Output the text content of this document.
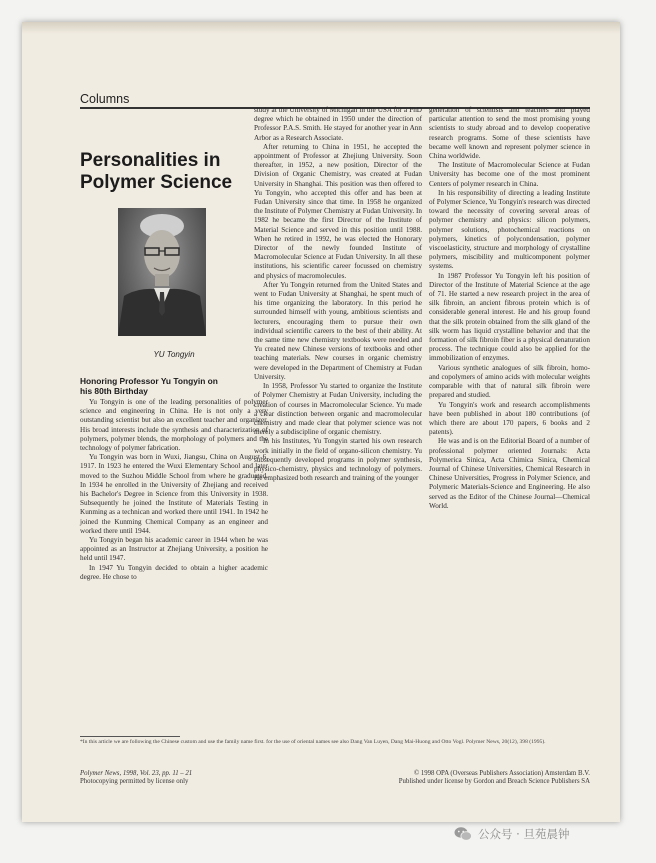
Columns
Personalities in
Polymer Science
YU Tongyin
Honoring Professor Yu Tongyin on
his 80th Birthday

Yu Tongyin is one of the leading personalities of polymer science and engineering in China. He is not only a very outstanding scientist but also an excellent teacher and organizer. His broad interests include the synthesis and characterization of polymers, polymer blends, the morphology of polymers and the technology of polymer fabrication.

Yu Tongyin was born in Wuxi, Jiangsu, China on August 6, 1917. In 1923 he entered the Wuxi Elementary School and later moved to the Suzhou Middle School from where he graduated. In 1934 he enrolled in the University of Zhejiang and received his Bachelor's Degree in Science from this University in 1938. Subsequently he joined the Institute of Materials Testing in Kunming as a technican and worked there until 1941. In 1942 he joined the Kunming Chemical Company as an engineer and worked there until 1944.

Yu Tongyin began his academic career in 1944 when he was appointed as an Instructor at Zhejiang University, a position he held until 1947.

In 1947 Yu Tongyin decided to obtain a higher academic degree. He chose to

study at the University of Michigan in the USA for a PhD degree which he obtained in 1950 under the direction of Professor P.A.S. Smith. He stayed for another year in Ann Arbor as a Research Associate.

After returning to China in 1951, he accepted the appointment of Professor at Zhejiung University. Soon thereafter, in 1952, a new position, Director of the Division of Organic Chemistry, was created at Fudan University in Shanghai. This position was then offered to Yu Tongyin, who accepted this offer and has been at Fudan University since that time. In 1958 he organized the Institute of Polymer Chemistry at Fudan University. In 1982 he became the first Director of the Institute of Material Science and served in this position until 1988. When he retired in 1992, he was elected the Honorary Director of the newly founded Institute of Macromolecular Science at Fudan University. In all these institutions, his scientific career focussed on chemistry and physics of macromolecules.

After Yu Tongyin returned from the United States and went to Fudan University at Shanghai, he spent much of his time organizing the laboratory. In this period he surrounded himself with young, ambitious scientists and lecturers, encouraging them to pursue their own individual scientific careers to the best of their ability. At the same time new chemistry textbooks were needed and Yu created new Chinese versions of textbooks and other teaching materials. New courses in organic chemistry were developed in the Department of Chemistry at Fudan University.

In 1958, Professor Yu started to organize the Institute of Polymer Chemistry at Fudan University, including the creation of courses in Macromolecular Science. Yu made a clear distinction between organic and macromolecular chemistry and made clear that polymer science was not merely a subdiscipline of organic chemistry.

In his Institutes, Yu Tongyin started his own research work initially in the field of organo-silicon chemistry. Yu subsequently developed programs in polymer synthesis, physico-chemistry, physics and technology of polymers. He emphasized both research and training of the younger

generation of scientists and teachers and played particular attention to send the most promising young scientists to study abroad and to develop cooperative research programs. Some of these scientists have became well known and represent polymer science in China worldwide.

The Institute of Macromolecular Science at Fudan University has become one of the most prominent Centers of polymer research in China.

In his responsibility of directing a leading Institute of Polymer Science, Yu Tongyin's research was directed toward the necessity of covering several areas of polymer chemistry and physics: silicon polymers, polymer solutions, photochemical reactions on polymers, kinetics of polycondensation, polymer viscoelasticity, structure and morphology of crystalline polymers, miscibility and multicomponent polymer systems.

In 1987 Professor Yu Tongyin left his position of Director of the Institute of Material Science at the age of 71. He started a new research project in the area of silk fibroin, an ancient fibrous protein which is of considerable general interest. He and his group found that the silk protein obtained from the silk gland of the silk worm has liquid crystalline behavior and that the formation of silk fibroin fiber is a physical denaturation process. The technique could also be applied for the immobilization of enzymes.

Various synthetic analogues of silk fibroin, homo- and copolymers of amino acids with molecular weights comparable with that of natural silk fibroin were prepared and studied.

Yu Tongyin's work and research accomplishments have been published in about 180 contributions (of which there are about 170 papers, 6 books and 2 patents).

He was and is on the Editorial Board of a number of professional polymer oriented Journals: Acta Polymerica Sinica, Acta Chimica Sinica, Chemical Journal of Chinese Universities, Chemical Research in Chinese Universities, Progress in Polymer Science, and Polymeric Materials-Science and Engineering. He also served as the Editor of the Chinese Journal—Chemical World.

*In this article we are following the Chinese custom and use the family name first. for the use of oriental names see also Dang Van Luyen, Dang Mai-Huong and Otto Vogl. Polymer News, 20(12), 398 (1995).
Polymer News, 1998, Vol. 23, pp. 11 – 21
Photocopying permitted by license only
© 1998 OPA (Overseas Publishers Association) Amsterdam B.V.
Published under license by Gordon and Breach Science Publishers SA
公众号 · 旦苑晨钟
